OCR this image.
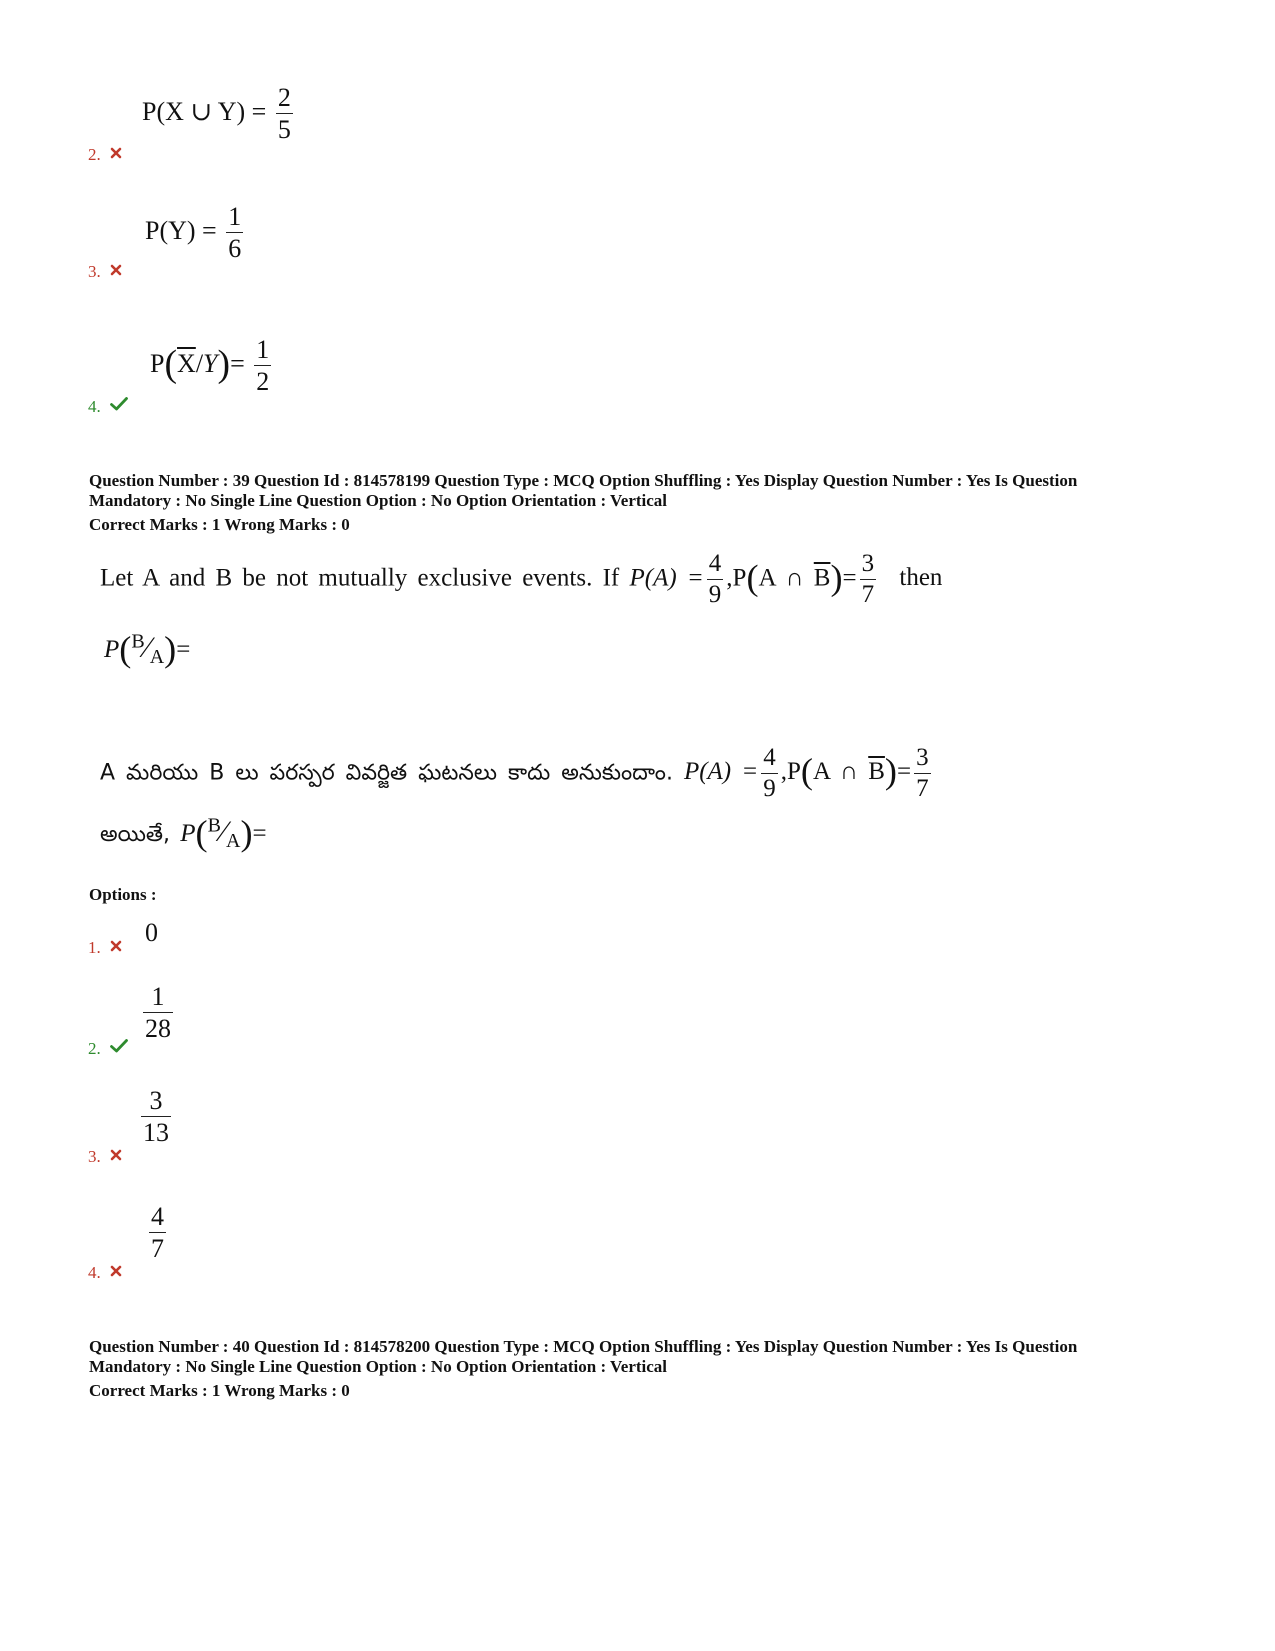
P(X ∪ $Y) = \frac{2}{5}$
2.
$P(Y) = \frac{1}{6}$
3.
$P(\overline{X}/Y)= \frac{1}{2}$
4.
Question Number : 39 Question Id : 814578199 Question Type : MCQ Option Shuffling : Yes Display Question Number : Yes Is Question
Mandatory : No Single Line Question Option : No Option Orientation : Vertical
Correct Marks : 1 Wrong Marks : 0
Let A and B be not mutually exclusive events. If $P(A) = \frac{4}{9} ,P(A$ ∩ $\overline{B})= \frac{3}{7}$ then
$P(^B⁄_A)=$
A మరియు B లు పరస్పర వివర్జిత ఘటనలు కాదు అనుకుందాం. $P(A) = \frac{4}{9} ,P(A$ ∩ $\overline{B})= \frac{3}{7}$
అయితే, $P(^B⁄_A)=$
Options :
0
1.
$\frac{1}{28}$
2.
$\frac{3}{13}$
3.
$\frac{4}{7}$
4.
Question Number : 40 Question Id : 814578200 Question Type : MCQ Option Shuffling : Yes Display Question Number : Yes Is Question
Mandatory : No Single Line Question Option : No Option Orientation : Vertical
Correct Marks : 1 Wrong Marks : 0
